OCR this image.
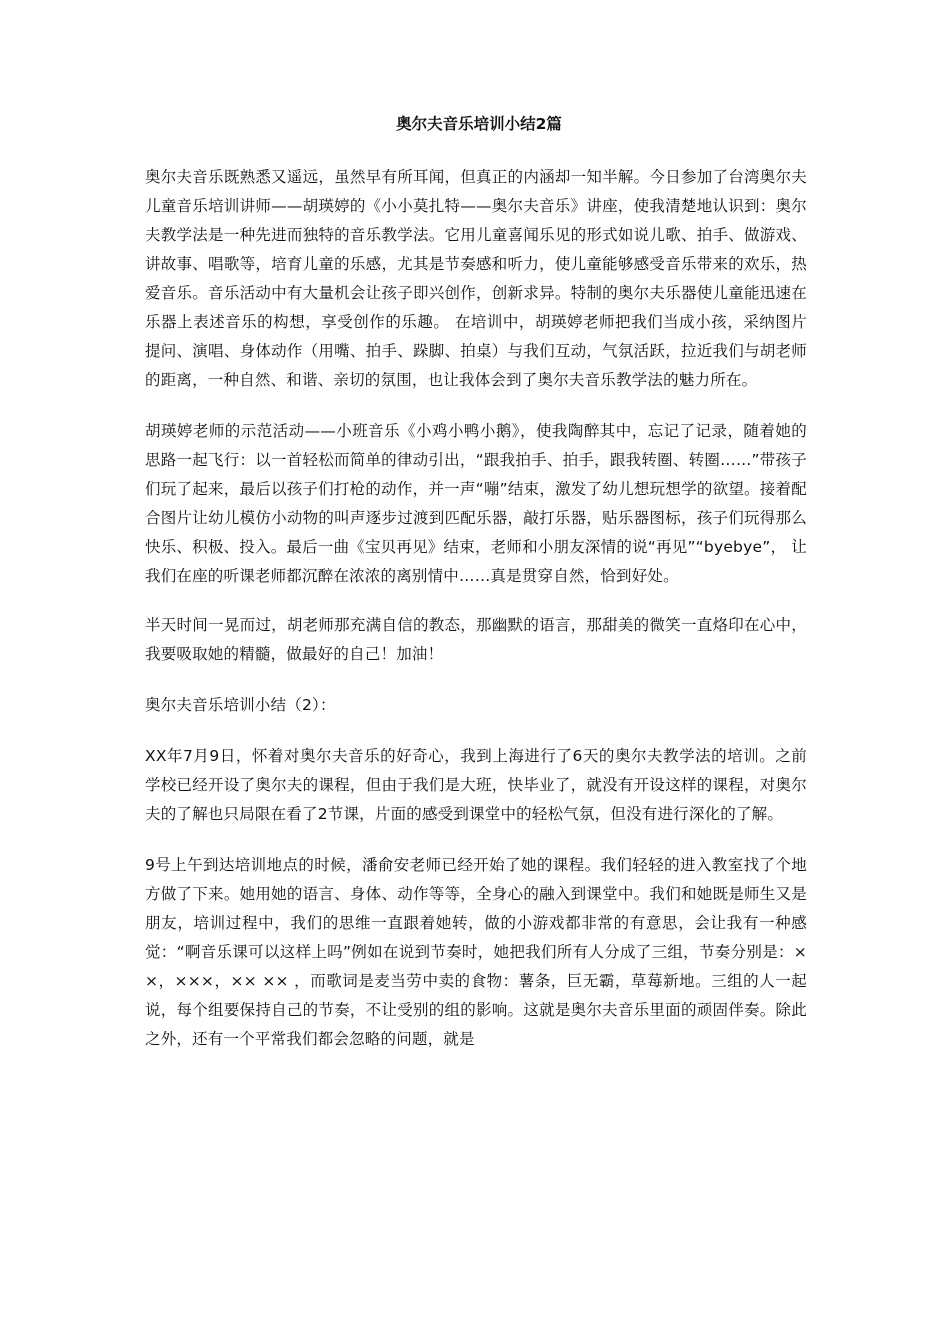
奥尔夫音乐培训小结2篇

奥尔夫音乐既熟悉又遥远，虽然早有所耳闻，但真正的内涵却一知半解。今日参加了台湾奥尔夫儿童音乐培训讲师——胡瑛婷的《小小莫扎特——奥尔夫音乐》讲座，使我清楚地认识到：奥尔夫教学法是一种先进而独特的音乐教学法。它用儿童喜闻乐见的形式如说儿歌、拍手、做游戏、讲故事、唱歌等，培育儿童的乐感，尤其是节奏感和听力，使儿童能够感受音乐带来的欢乐，热爱音乐。音乐活动中有大量机会让孩子即兴创作，创新求异。特制的奥尔夫乐器使儿童能迅速在乐器上表述音乐的构想，享受创作的乐趣。 在培训中，胡瑛婷老师把我们当成小孩，采纳图片提问、演唱、身体动作（用嘴、拍手、跺脚、拍桌）与我们互动，气氛活跃，拉近我们与胡老师的距离，一种自然、和谐、亲切的氛围，也让我体会到了奥尔夫音乐教学法的魅力所在。

胡瑛婷老师的示范活动——小班音乐《小鸡小鸭小鹅》，使我陶醉其中，忘记了记录，随着她的思路一起飞行：以一首轻松而简单的律动引出，“跟我拍手、拍手，跟我转圈、转圈……”带孩子们玩了起来，最后以孩子们打枪的动作，并一声“嘣”结束，激发了幼儿想玩想学的欲望。接着配合图片让幼儿模仿小动物的叫声逐步过渡到匹配乐器，敲打乐器，贴乐器图标，孩子们玩得那么快乐、积极、投入。最后一曲《宝贝再见》结束，老师和小朋友深情的说“再见”“byebye”， 让我们在座的听课老师都沉醉在浓浓的离别情中……真是贯穿自然，恰到好处。

半天时间一晃而过，胡老师那充满自信的教态，那幽默的语言，那甜美的微笑一直烙印在心中，我要吸取她的精髓，做最好的自己！加油！

奥尔夫音乐培训小结（2）：

XX年7月9日，怀着对奥尔夫音乐的好奇心，我到上海进行了6天的奥尔夫教学法的培训。之前学校已经开设了奥尔夫的课程，但由于我们是大班，快毕业了，就没有开设这样的课程，对奥尔夫的了解也只局限在看了2节课，片面的感受到课堂中的轻松气氛，但没有进行深化的了解。

9号上午到达培训地点的时候，潘俞安老师已经开始了她的课程。我们轻轻的进入教室找了个地方做了下来。她用她的语言、身体、动作等等，全身心的融入到课堂中。我们和她既是师生又是朋友，培训过程中，我们的思维一直跟着她转，做的小游戏都非常的有意思，会让我有一种感觉：“啊音乐课可以这样上吗”例如在说到节奏时，她把我们所有人分成了三组，节奏分别是：××，×××，×× ×× ，而歌词是麦当劳中卖的食物：薯条，巨无霸，草莓新地。三组的人一起说，每个组要保持自己的节奏，不让受别的组的影响。这就是奥尔夫音乐里面的顽固伴奏。除此之外，还有一个平常我们都会忽略的问题，就是
